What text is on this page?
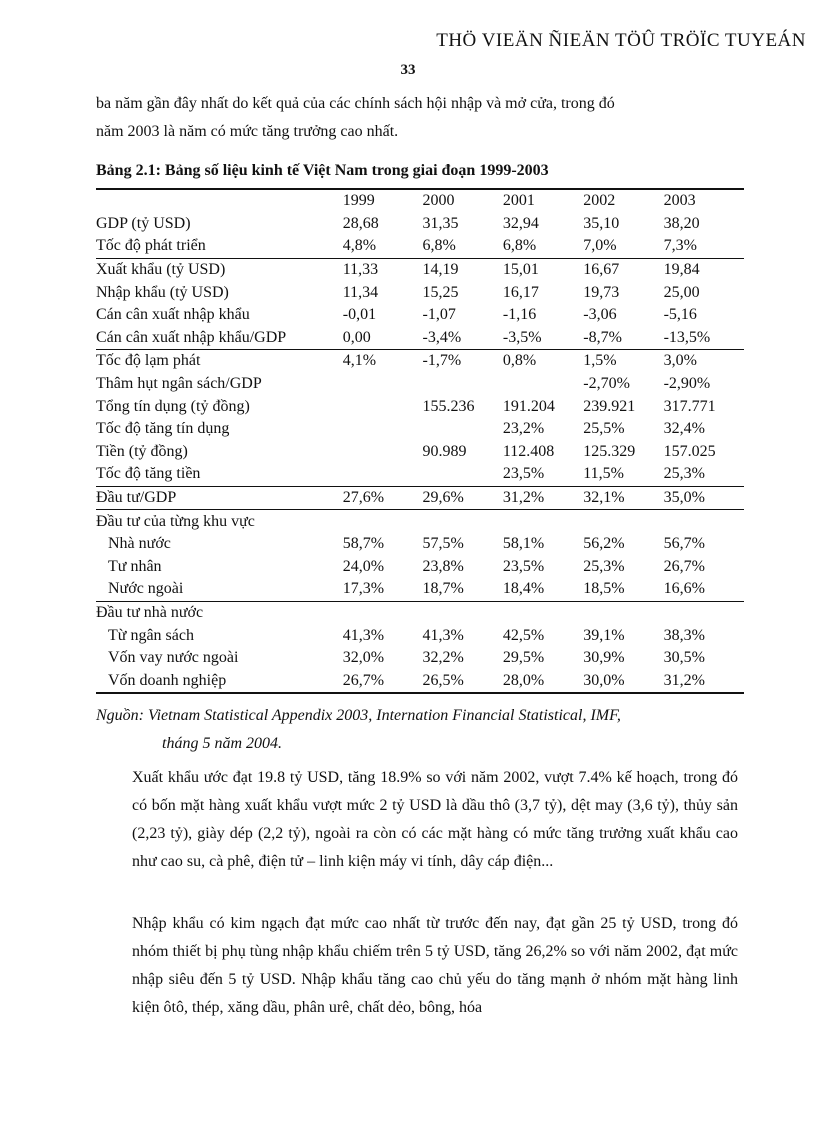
THÖ VIEÄN ÑIEÄN TÖÛ TRÖÏC TUYEÁN
33
ba năm gần đây nhất do kết quả của các chính sách hội nhập và mở cửa, trong đó
năm 2003 là năm có mức tăng trưởng cao nhất.
Bảng 2.1: Bảng số liệu kinh tế Việt Nam trong giai đoạn 1999-2003
	1999	2000	2001	2002	2003
GDP (tỷ USD)	28,68	31,35	32,94	35,10	38,20
Tốc độ phát triển	4,8%	6,8%	6,8%	7,0%	7,3%
Xuất khẩu (tỷ USD)	11,33	14,19	15,01	16,67	19,84
Nhập khẩu (tỷ USD)	11,34	15,25	16,17	19,73	25,00
Cán cân xuất nhập khẩu	-0,01	-1,07	-1,16	-3,06	-5,16
Cán cân xuất nhập khẩu/GDP	0,00	-3,4%	-3,5%	-8,7%	-13,5%
Tốc độ lạm phát	4,1%	-1,7%	0,8%	1,5%	3,0%
Thâm hụt ngân sách/GDP				-2,70%	-2,90%
Tổng tín dụng (tỷ đồng)		155.236	191.204	239.921	317.771
Tốc độ tăng tín dụng			23,2%	25,5%	32,4%
Tiền (tỷ đồng)		90.989	112.408	125.329	157.025
Tốc độ tăng tiền			23,5%	11,5%	25,3%
Đầu tư/GDP	27,6%	29,6%	31,2%	32,1%	35,0%
Đầu tư của từng khu vực					
Nhà nước	58,7%	57,5%	58,1%	56,2%	56,7%
Tư nhân	24,0%	23,8%	23,5%	25,3%	26,7%
Nước ngoài	17,3%	18,7%	18,4%	18,5%	16,6%
Đầu tư nhà nước					
Từ ngân sách	41,3%	41,3%	42,5%	39,1%	38,3%
Vốn vay nước ngoài	32,0%	32,2%	29,5%	30,9%	30,5%
Vốn doanh nghiệp	26,7%	26,5%	28,0%	30,0%	31,2%
Nguồn: Vietnam Statistical Appendix 2003, Internation Financial Statistical, IMF,
tháng 5 năm 2004.
Xuất khẩu ước đạt 19.8 tỷ USD, tăng 18.9% so với năm 2002, vượt 7.4% kế hoạch, trong đó có bốn mặt hàng xuất khẩu vượt mức 2 tỷ USD là dầu thô (3,7 tỷ), dệt may (3,6 tỷ), thủy sản (2,23 tỷ), giày dép (2,2 tỷ), ngoài ra còn có các mặt hàng có mức tăng trưởng xuất khẩu cao như cao su, cà phê, điện tử – linh kiện máy vi tính, dây cáp điện...
Nhập khẩu có kim ngạch đạt mức cao nhất từ trước đến nay, đạt gần 25 tỷ USD, trong đó nhóm thiết bị phụ tùng nhập khẩu chiếm trên 5 tỷ USD, tăng 26,2% so với năm 2002, đạt mức nhập siêu đến 5 tỷ USD. Nhập khẩu tăng cao chủ yếu do tăng mạnh ở nhóm mặt hàng linh kiện ôtô, thép, xăng dầu, phân urê, chất dẻo, bông, hóa
